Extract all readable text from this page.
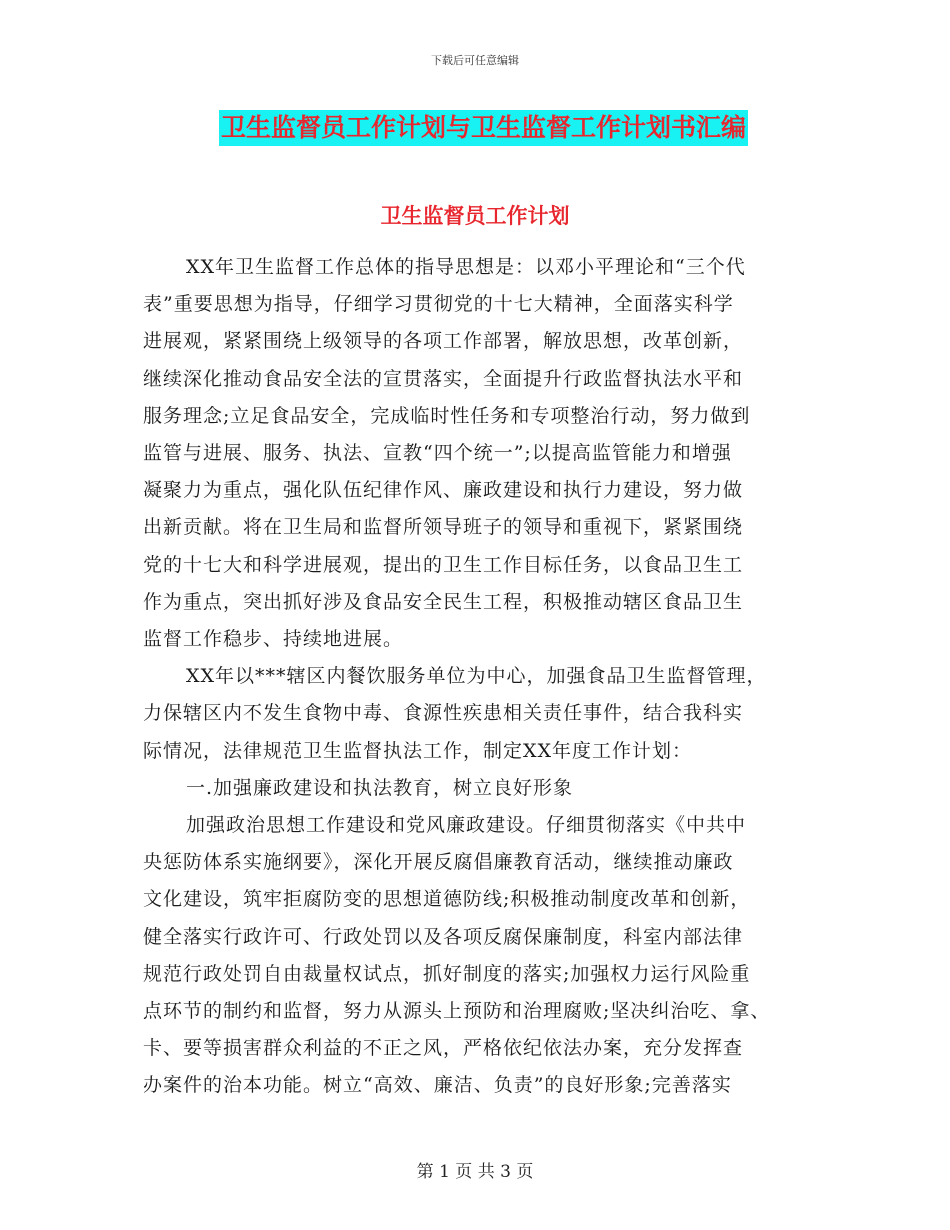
下载后可任意编辑
卫生监督员工作计划与卫生监督工作计划书汇编
卫生监督员工作计划
XX年卫生监督工作总体的指导思想是：以邓小平理论和“三个代
表”重要思想为指导，仔细学习贯彻党的十七大精神，全面落实科学
进展观，紧紧围绕上级领导的各项工作部署，解放思想，改革创新，
继续深化推动食品安全法的宣贯落实，全面提升行政监督执法水平和
服务理念;立足食品安全，完成临时性任务和专项整治行动，努力做到
监管与进展、服务、执法、宣教“四个统一”;以提高监管能力和增强
凝聚力为重点，强化队伍纪律作风、廉政建设和执行力建设，努力做
出新贡献。将在卫生局和监督所领导班子的领导和重视下，紧紧围绕
党的十七大和科学进展观，提出的卫生工作目标任务，以食品卫生工
作为重点，突出抓好涉及食品安全民生工程，积极推动辖区食品卫生
监督工作稳步、持续地进展。
XX年以***辖区内餐饮服务单位为中心，加强食品卫生监督管理，
力保辖区内不发生食物中毒、食源性疾患相关责任事件，结合我科实
际情况，法律规范卫生监督执法工作，制定XX年度工作计划：
一.加强廉政建设和执法教育，树立良好形象
加强政治思想工作建设和党风廉政建设。仔细贯彻落实《中共中
央惩防体系实施纲要》，深化开展反腐倡廉教育活动，继续推动廉政
文化建设，筑牢拒腐防变的思想道德防线;积极推动制度改革和创新，
健全落实行政许可、行政处罚以及各项反腐保廉制度，科室内部法律
规范行政处罚自由裁量权试点，抓好制度的落实;加强权力运行风险重
点环节的制约和监督，努力从源头上预防和治理腐败;坚决纠治吃、拿、
卡、要等损害群众利益的不正之风，严格依纪依法办案，充分发挥查
办案件的治本功能。树立“高效、廉洁、负责”的良好形象;完善落实
第 1 页 共 3 页
